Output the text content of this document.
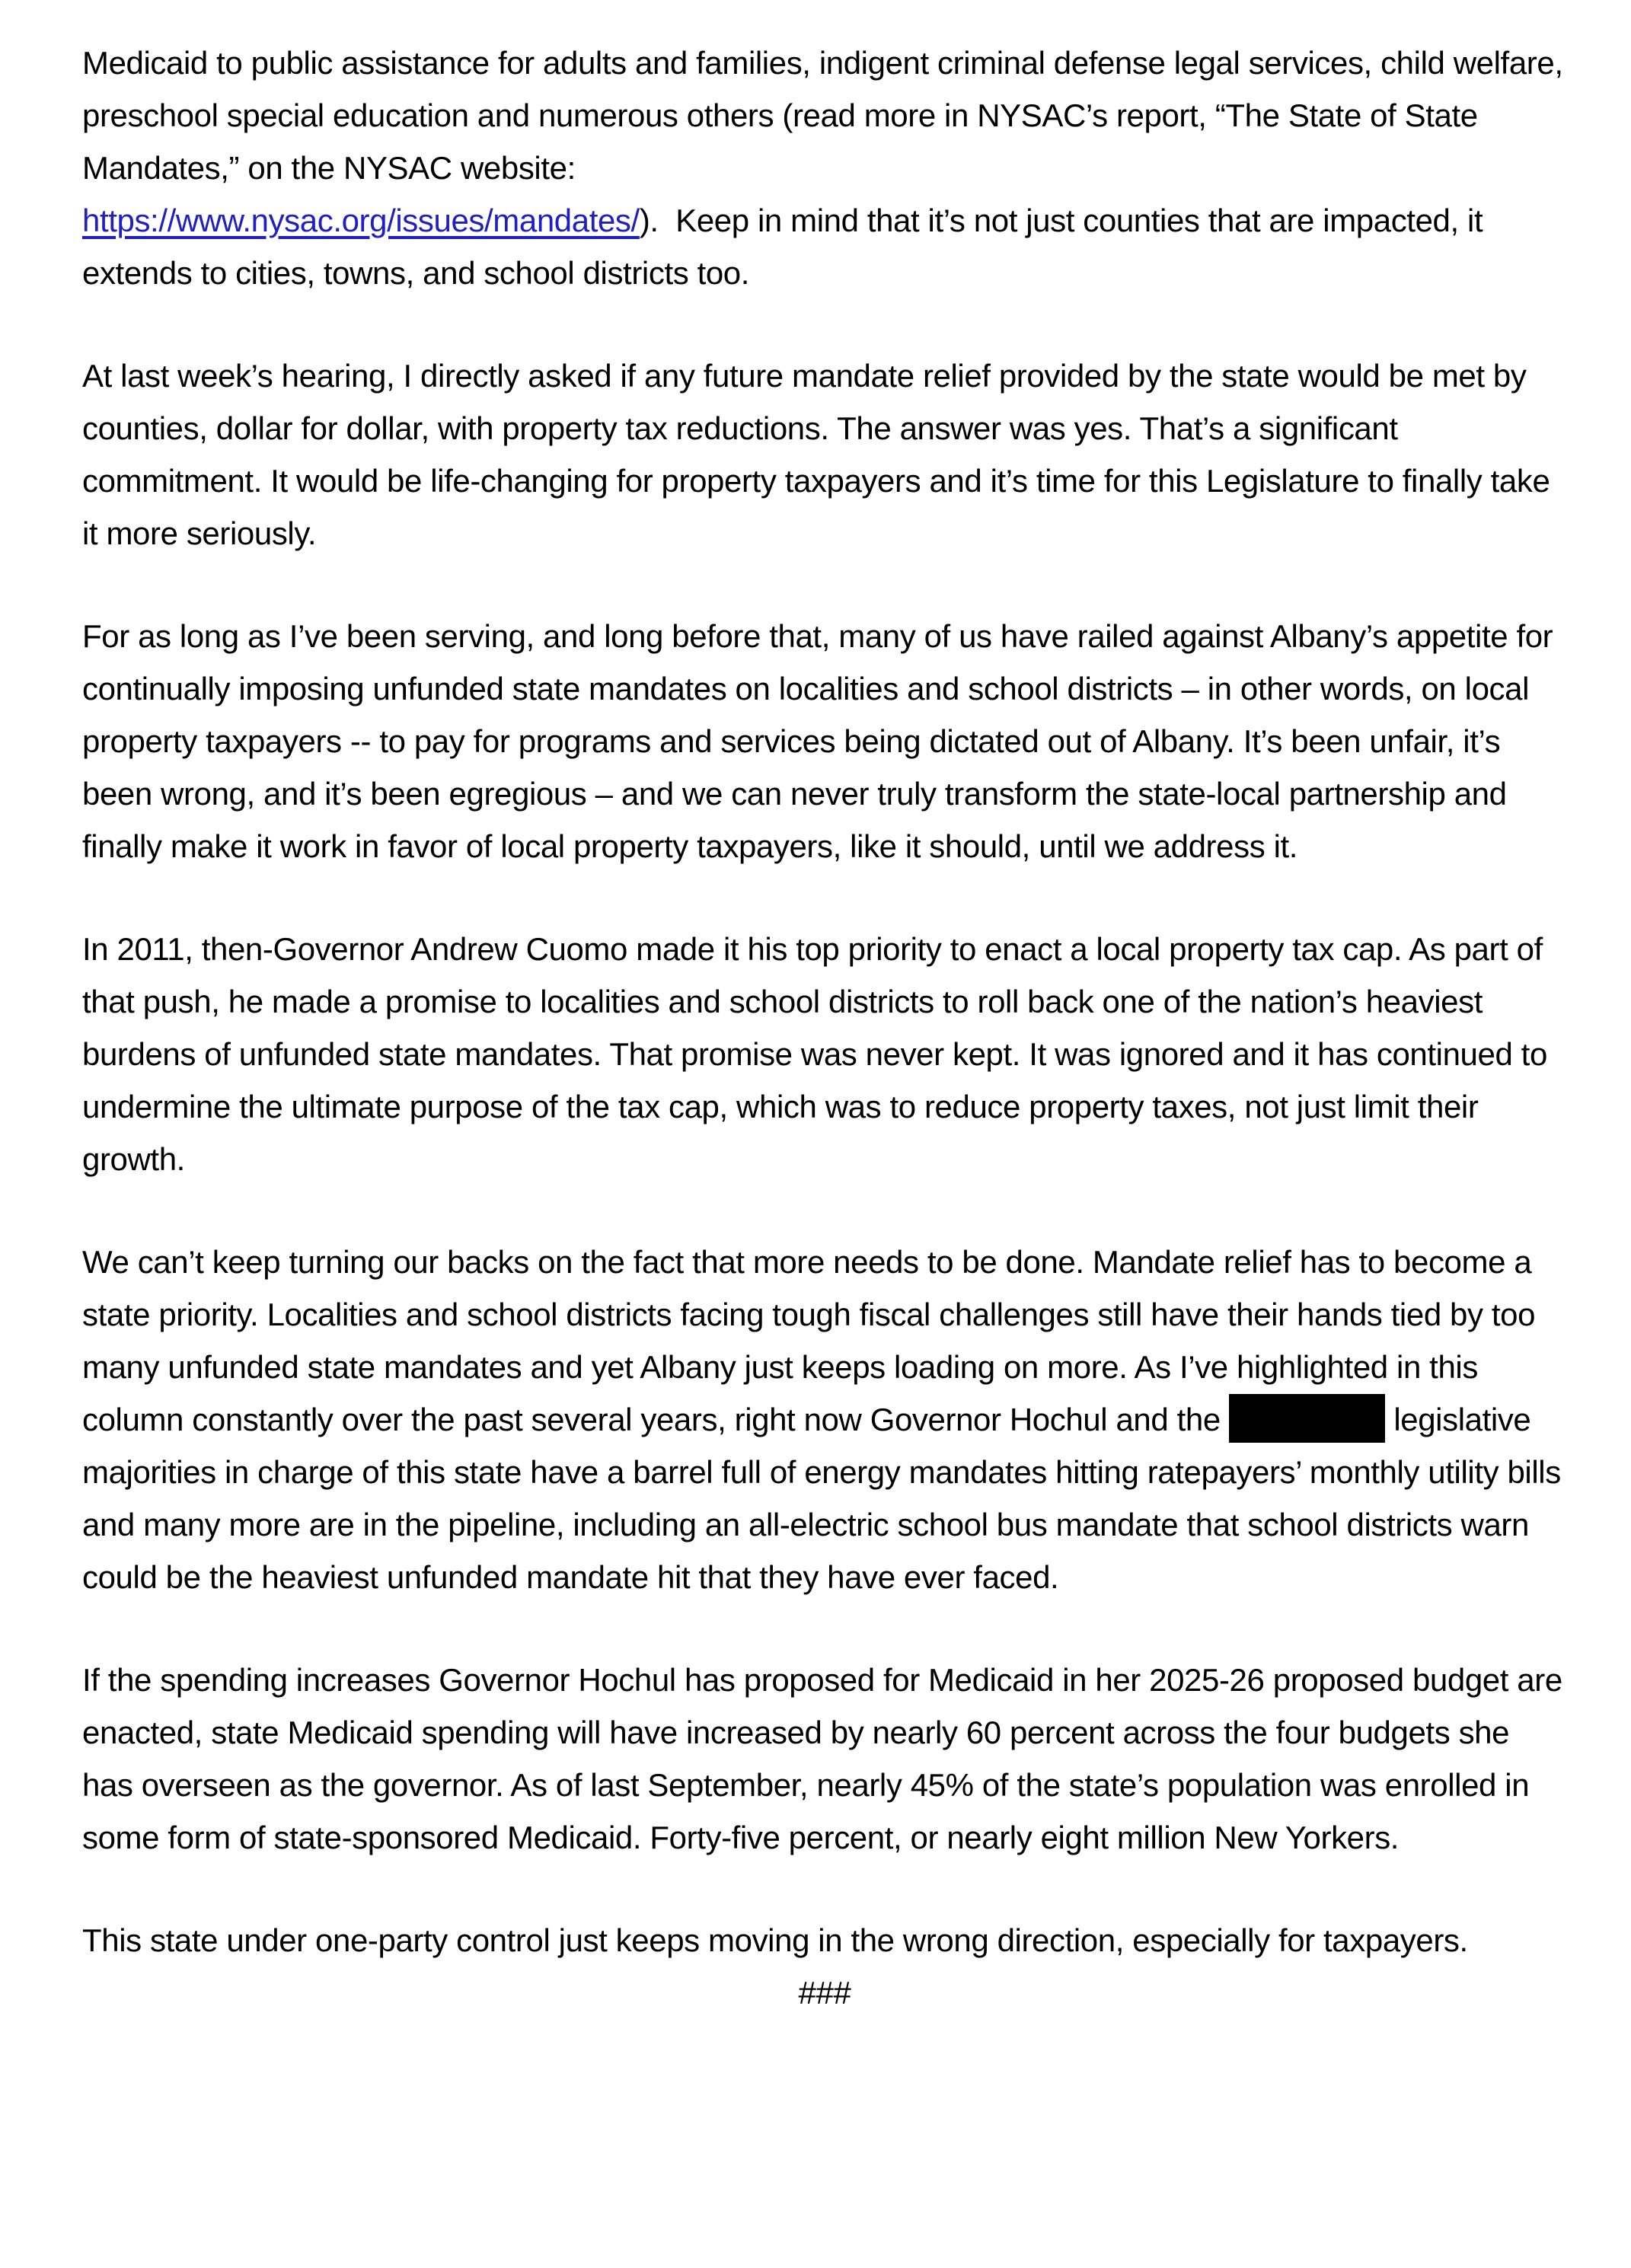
Medicaid to public assistance for adults and families, indigent criminal defense legal services, child welfare, preschool special education and numerous others (read more in NYSAC’s report, “The State of State Mandates,” on the NYSAC website:
https://www.nysac.org/issues/mandates/).  Keep in mind that it’s not just counties that are impacted, it extends to cities, towns, and school districts too.

At last week’s hearing, I directly asked if any future mandate relief provided by the state would be met by counties, dollar for dollar, with property tax reductions. The answer was yes. That’s a significant commitment. It would be life-changing for property taxpayers and it’s time for this Legislature to finally take it more seriously.

For as long as I’ve been serving, and long before that, many of us have railed against Albany’s appetite for continually imposing unfunded state mandates on localities and school districts – in other words, on local property taxpayers -- to pay for programs and services being dictated out of Albany. It’s been unfair, it’s been wrong, and it’s been egregious – and we can never truly transform the state-local partnership and finally make it work in favor of local property taxpayers, like it should, until we address it.

In 2011, then-Governor Andrew Cuomo made it his top priority to enact a local property tax cap. As part of that push, he made a promise to localities and school districts to roll back one of the nation’s heaviest burdens of unfunded state mandates. That promise was never kept. It was ignored and it has continued to undermine the ultimate purpose of the tax cap, which was to reduce property taxes, not just limit their growth.

We can’t keep turning our backs on the fact that more needs to be done. Mandate relief has to become a state priority. Localities and school districts facing tough fiscal challenges still have their hands tied by too many unfunded state mandates and yet Albany just keeps loading on more. As I’ve highlighted in this column constantly over the past several years, right now Governor Hochul and the	legislative majorities in charge of this state have a barrel full of energy mandates hitting ratepayers’ monthly utility bills and many more are in the pipeline, including an all-electric school bus mandate that school districts warn could be the heaviest unfunded mandate hit that they have ever faced.

If the spending increases Governor Hochul has proposed for Medicaid in her 2025-26 proposed budget are enacted, state Medicaid spending will have increased by nearly 60 percent across the four budgets she has overseen as the governor. As of last September, nearly 45% of the state’s population was enrolled in some form of state-sponsored Medicaid. Forty-five percent, or nearly eight million New Yorkers.

This state under one-party control just keeps moving in the wrong direction, especially for taxpayers.

###
